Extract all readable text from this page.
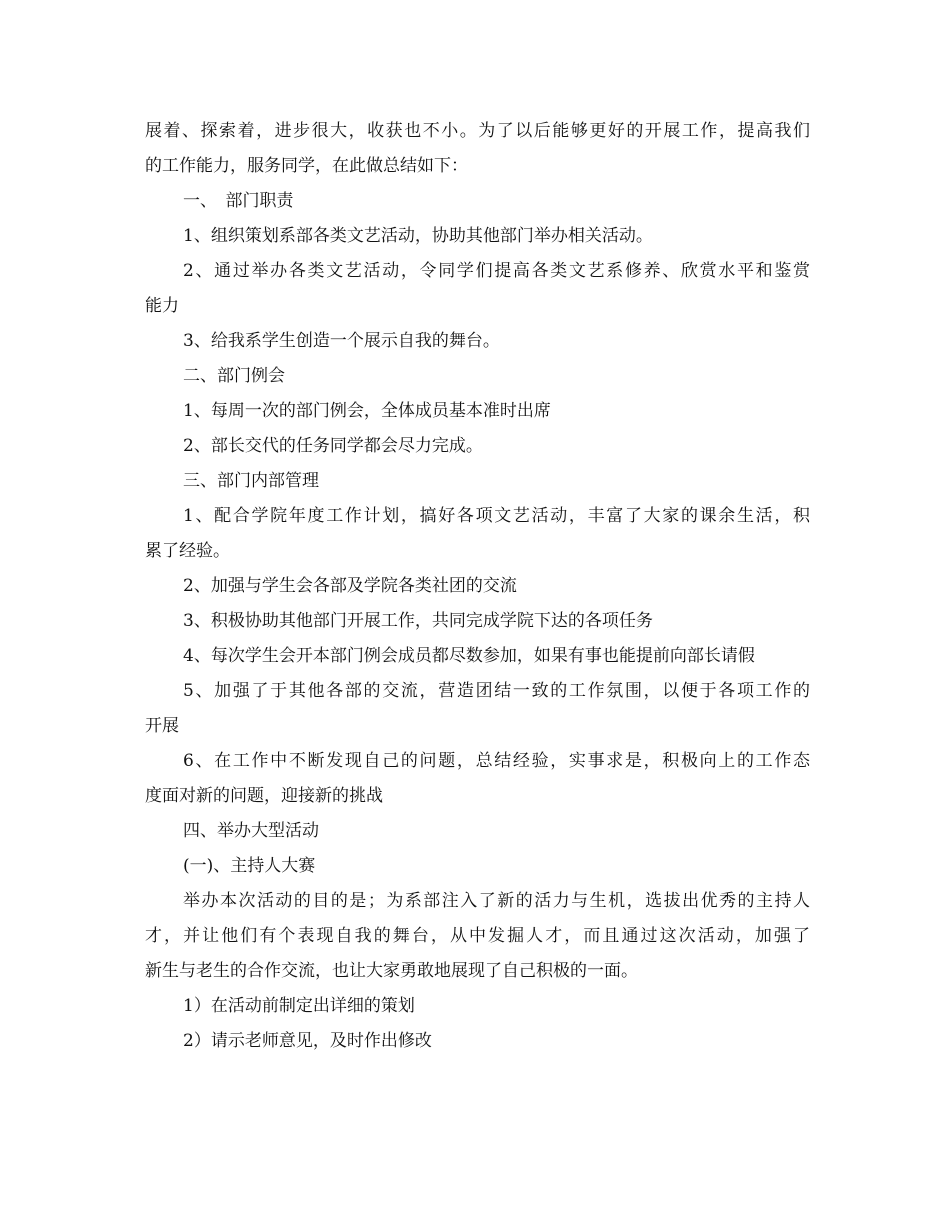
展着、探索着，进步很大，收获也不小。为了以后能够更好的开展工作，提高我们
的工作能力，服务同学，在此做总结如下：
一、　部门职责
1、组织策划系部各类文艺活动，协助其他部门举办相关活动。
2、通过举办各类文艺活动，令同学们提高各类文艺系修养、欣赏水平和鉴赏
能力
3、给我系学生创造一个展示自我的舞台。
二、部门例会
1、每周一次的部门例会，全体成员基本准时出席
2、部长交代的任务同学都会尽力完成。
三、部门内部管理
1、配合学院年度工作计划，搞好各项文艺活动，丰富了大家的课余生活，积
累了经验。
2、加强与学生会各部及学院各类社团的交流
3、积极协助其他部门开展工作，共同完成学院下达的各项任务
4、每次学生会开本部门例会成员都尽数参加，如果有事也能提前向部长请假
5、加强了于其他各部的交流，营造团结一致的工作氛围，以便于各项工作的
开展
6、在工作中不断发现自己的问题，总结经验，实事求是，积极向上的工作态
度面对新的问题，迎接新的挑战
四、举办大型活动
(一)、主持人大赛
举办本次活动的目的是；为系部注入了新的活力与生机，选拔出优秀的主持人
才，并让他们有个表现自我的舞台，从中发掘人才，而且通过这次活动，加强了
新生与老生的合作交流，也让大家勇敢地展现了自己积极的一面。
1）在活动前制定出详细的策划
2）请示老师意见，及时作出修改
